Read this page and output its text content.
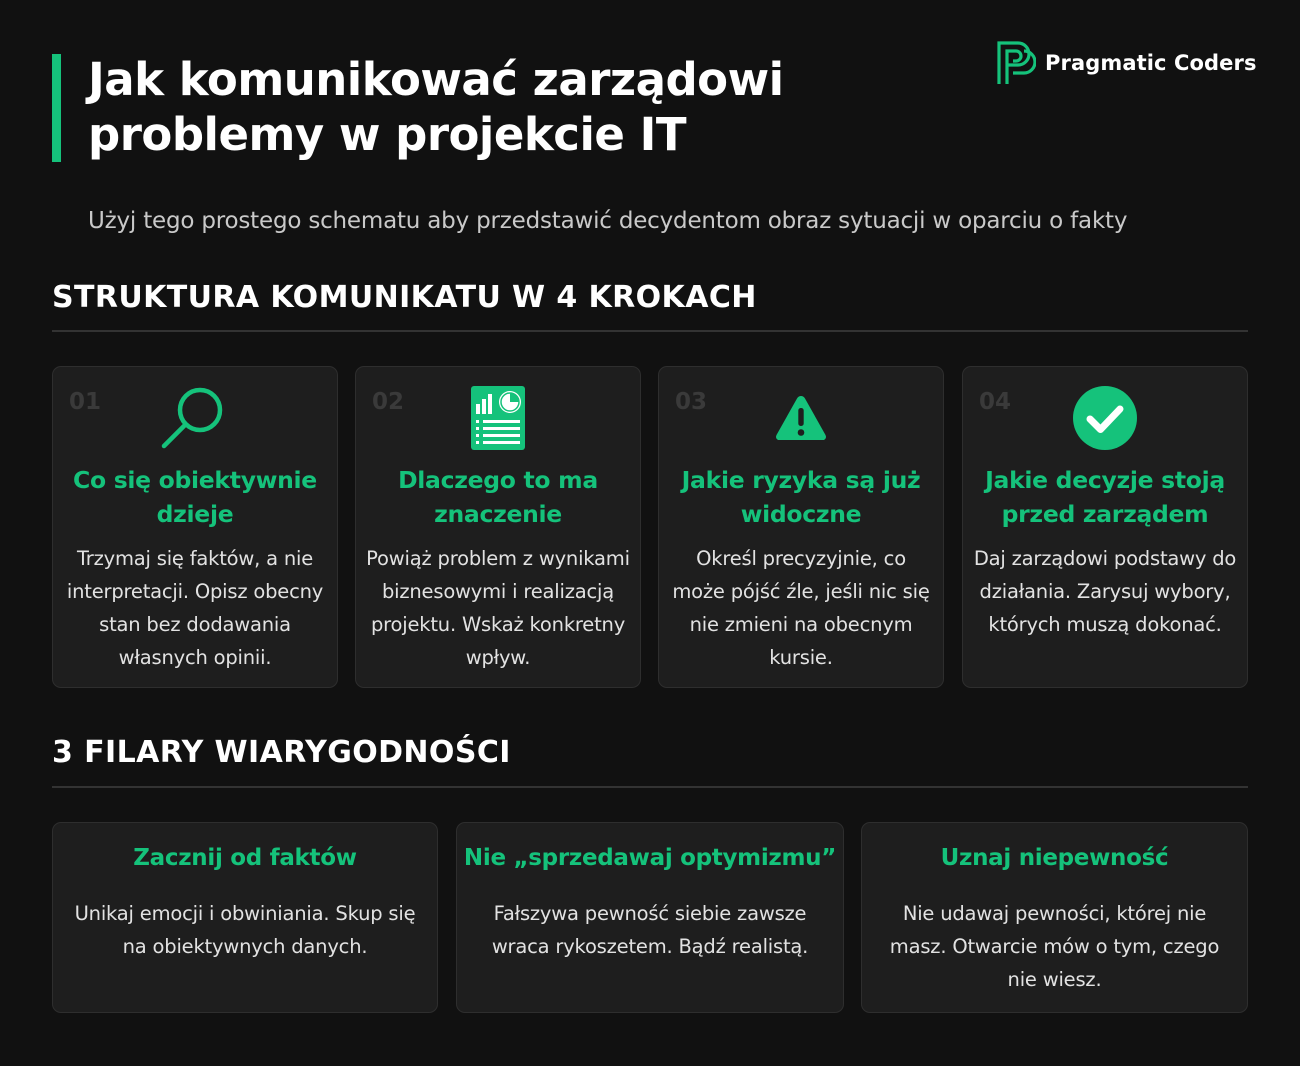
Jak komunikować zarządowi
problemy w projekcie IT
Pragmatic Coders

Użyj tego prostego schematu aby przedstawić decydentom obraz sytuacji w oparciu o fakty

STRUKTURA KOMUNIKATU W 4 KROKACH
01
Co się obiektywnie dzieje
Trzymaj się faktów, a nie interpretacji. Opisz obecny stan bez dodawania własnych opinii.
02
Dlaczego to ma znaczenie
Powiąż problem z wynikami biznesowymi i realizacją projektu. Wskaż konkretny wpływ.
03
Jakie ryzyka są już widoczne
Określ precyzyjnie, co może pójść źle, jeśli nic się nie zmieni na obecnym kursie.
04
Jakie decyzje stoją przed zarządem
Daj zarządowi podstawy do działania. Zarysuj wybory, których muszą dokonać.
3 FILARY WIARYGODNOŚCI
Zacznij od faktów
Unikaj emocji i obwiniania. Skup się na obiektywnych danych.
Nie „sprzedawaj optymizmu”
Fałszywa pewność siebie zawsze wraca rykoszetem. Bądź realistą.
Uznaj niepewność
Nie udawaj pewności, której nie masz. Otwarcie mów o tym, czego nie wiesz.
